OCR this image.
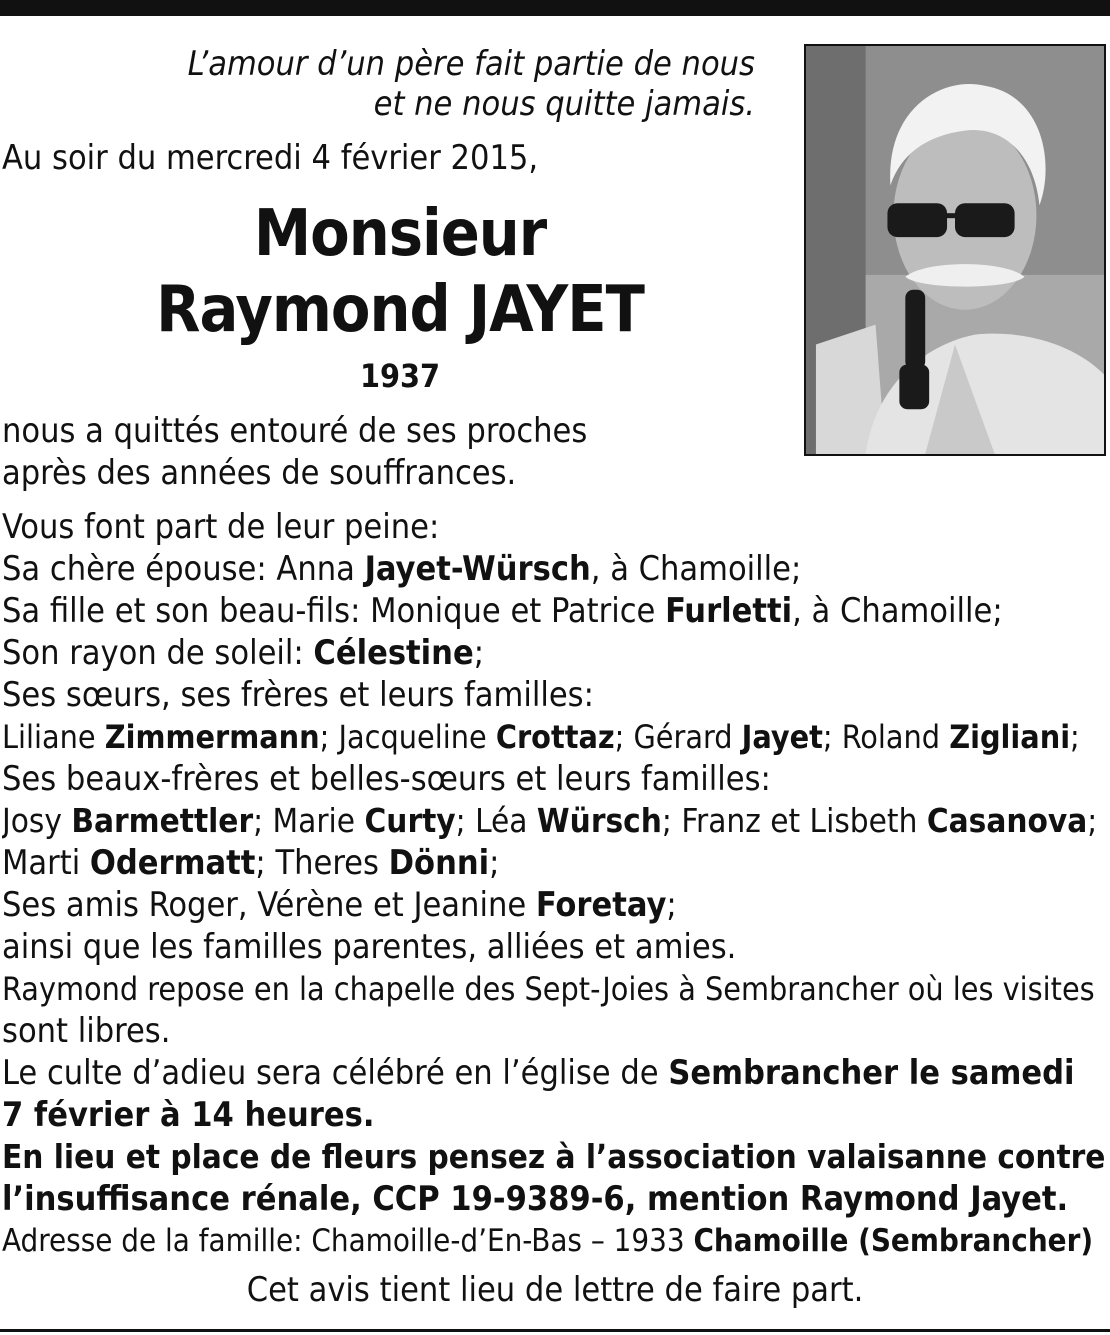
L’amour d’un père fait partie de nous
et ne nous quitte jamais.
Au soir du mercredi 4 février 2015,
Monsieur
Raymond JAYET
1937
nous a quittés entouré de ses proches
après des années de souffrances.
Vous font part de leur peine:
Sa chère épouse: Anna Jayet-Würsch, à Chamoille;
Sa fille et son beau-fils: Monique et Patrice Furletti, à Chamoille;
Son rayon de soleil: Célestine;
Ses sœurs, ses frères et leurs familles:
Liliane Zimmermann; Jacqueline Crottaz; Gérard Jayet; Roland Zigliani;
Ses beaux-frères et belles-sœurs et leurs familles:
Josy Barmettler; Marie Curty; Léa Würsch; Franz et Lisbeth Casanova;
Marti Odermatt; Theres Dönni;
Ses amis Roger, Vérène et Jeanine Foretay;
ainsi que les familles parentes, alliées et amies.
Raymond repose en la chapelle des Sept-Joies à Sembrancher où les visites
sont libres.
Le culte d’adieu sera célébré en l’église de Sembrancher le samedi
7 février à 14 heures.
En lieu et place de fleurs pensez à l’association valaisanne contre
l’insuffisance rénale, CCP 19-9389-6, mention Raymond Jayet.
Adresse de la famille: Chamoille-d’En-Bas – 1933 Chamoille (Sembrancher)
Cet avis tient lieu de lettre de faire part.
